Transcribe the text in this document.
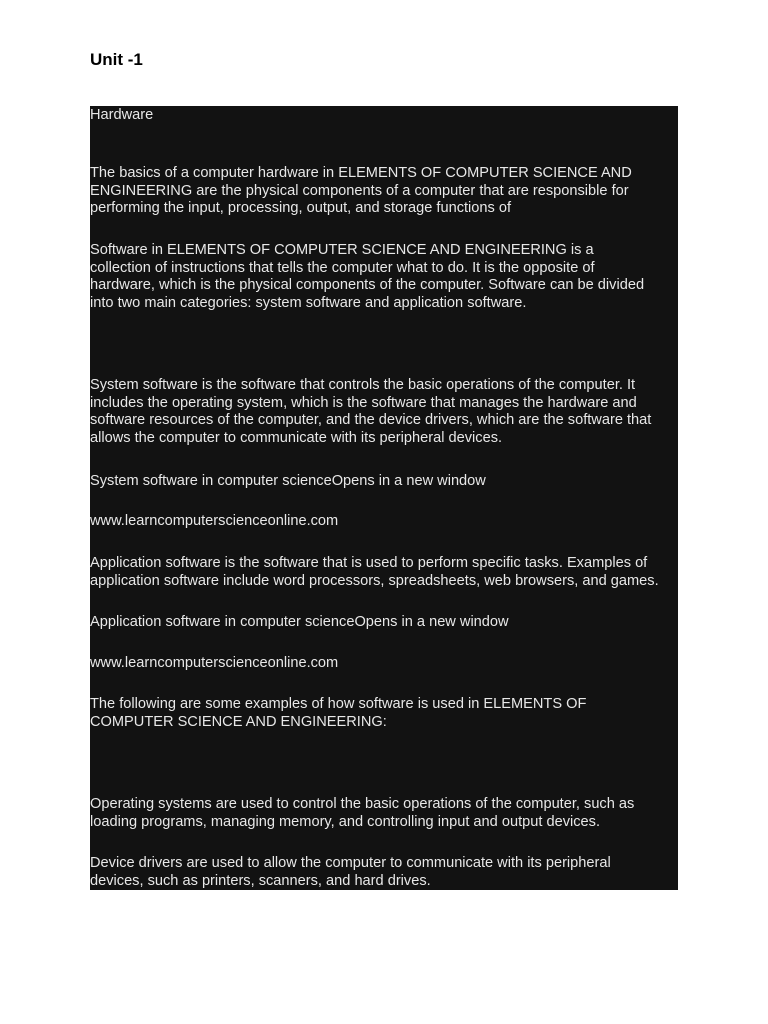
Unit -1

Hardware

The basics of a computer hardware in ELEMENTS OF COMPUTER SCIENCE AND
ENGINEERING are the physical components of a computer that are responsible for
performing the input, processing, output, and storage functions of

Software in ELEMENTS OF COMPUTER SCIENCE AND ENGINEERING is a
collection of instructions that tells the computer what to do. It is the opposite of
hardware, which is the physical components of the computer. Software can be divided
into two main categories: system software and application software.

System software is the software that controls the basic operations of the computer. It
includes the operating system, which is the software that manages the hardware and
software resources of the computer, and the device drivers, which are the software that
allows the computer to communicate with its peripheral devices.

System software in computer scienceOpens in a new window

www.learncomputerscienceonline.com

Application software is the software that is used to perform specific tasks. Examples of
application software include word processors, spreadsheets, web browsers, and games.

Application software in computer scienceOpens in a new window

www.learncomputerscienceonline.com

The following are some examples of how software is used in ELEMENTS OF
COMPUTER SCIENCE AND ENGINEERING:

Operating systems are used to control the basic operations of the computer, such as
loading programs, managing memory, and controlling input and output devices.

Device drivers are used to allow the computer to communicate with its peripheral
devices, such as printers, scanners, and hard drives.
